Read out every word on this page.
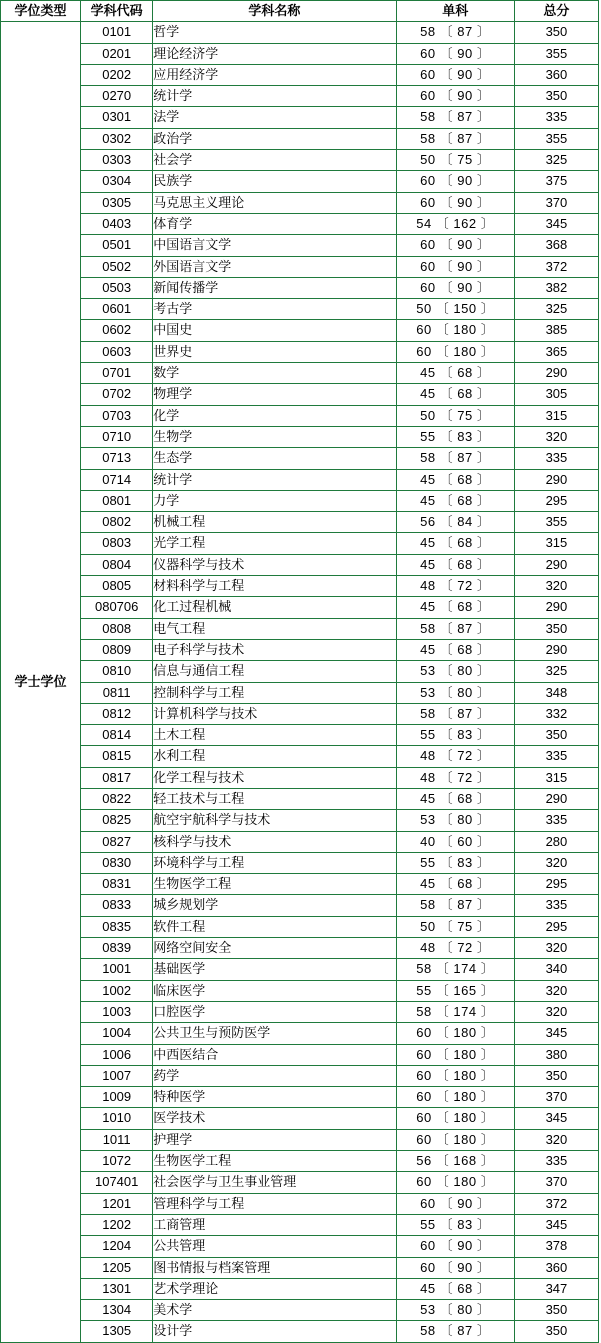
学位类型	学科代码	学科名称	单科	总分
学士学位	0101	哲学	58 〔 87 〕	350
	0201	理论经济学	60 〔 90 〕	355
	0202	应用经济学	60 〔 90 〕	360
	0270	统计学	60 〔 90 〕	350
	0301	法学	58 〔 87 〕	335
	0302	政治学	58 〔 87 〕	355
	0303	社会学	50 〔 75 〕	325
	0304	民族学	60 〔 90 〕	375
	0305	马克思主义理论	60 〔 90 〕	370
	0403	体育学	54 〔 162 〕	345
	0501	中国语言文学	60 〔 90 〕	368
	0502	外国语言文学	60 〔 90 〕	372
	0503	新闻传播学	60 〔 90 〕	382
	0601	考古学	50 〔 150 〕	325
	0602	中国史	60 〔 180 〕	385
	0603	世界史	60 〔 180 〕	365
	0701	数学	45 〔 68 〕	290
	0702	物理学	45 〔 68 〕	305
	0703	化学	50 〔 75 〕	315
	0710	生物学	55 〔 83 〕	320
	0713	生态学	58 〔 87 〕	335
	0714	统计学	45 〔 68 〕	290
	0801	力学	45 〔 68 〕	295
	0802	机械工程	56 〔 84 〕	355
	0803	光学工程	45 〔 68 〕	315
	0804	仪器科学与技术	45 〔 68 〕	290
	0805	材料科学与工程	48 〔 72 〕	320
	080706	化工过程机械	45 〔 68 〕	290
	0808	电气工程	58 〔 87 〕	350
	0809	电子科学与技术	45 〔 68 〕	290
	0810	信息与通信工程	53 〔 80 〕	325
	0811	控制科学与工程	53 〔 80 〕	348
	0812	计算机科学与技术	58 〔 87 〕	332
	0814	土木工程	55 〔 83 〕	350
	0815	水利工程	48 〔 72 〕	335
	0817	化学工程与技术	48 〔 72 〕	315
	0822	轻工技术与工程	45 〔 68 〕	290
	0825	航空宇航科学与技术	53 〔 80 〕	335
	0827	核科学与技术	40 〔 60 〕	280
	0830	环境科学与工程	55 〔 83 〕	320
	0831	生物医学工程	45 〔 68 〕	295
	0833	城乡规划学	58 〔 87 〕	335
	0835	软件工程	50 〔 75 〕	295
	0839	网络空间安全	48 〔 72 〕	320
	1001	基础医学	58 〔 174 〕	340
	1002	临床医学	55 〔 165 〕	320
	1003	口腔医学	58 〔 174 〕	320
	1004	公共卫生与预防医学	60 〔 180 〕	345
	1006	中西医结合	60 〔 180 〕	380
	1007	药学	60 〔 180 〕	350
	1009	特种医学	60 〔 180 〕	370
	1010	医学技术	60 〔 180 〕	345
	1011	护理学	60 〔 180 〕	320
	1072	生物医学工程	56 〔 168 〕	335
	107401	社会医学与卫生事业管理	60 〔 180 〕	370
	1201	管理科学与工程	60 〔 90 〕	372
	1202	工商管理	55 〔 83 〕	345
	1204	公共管理	60 〔 90 〕	378
	1205	图书情报与档案管理	60 〔 90 〕	360
	1301	艺术学理论	45 〔 68 〕	347
	1304	美术学	53 〔 80 〕	350
	1305	设计学	58 〔 87 〕	350
